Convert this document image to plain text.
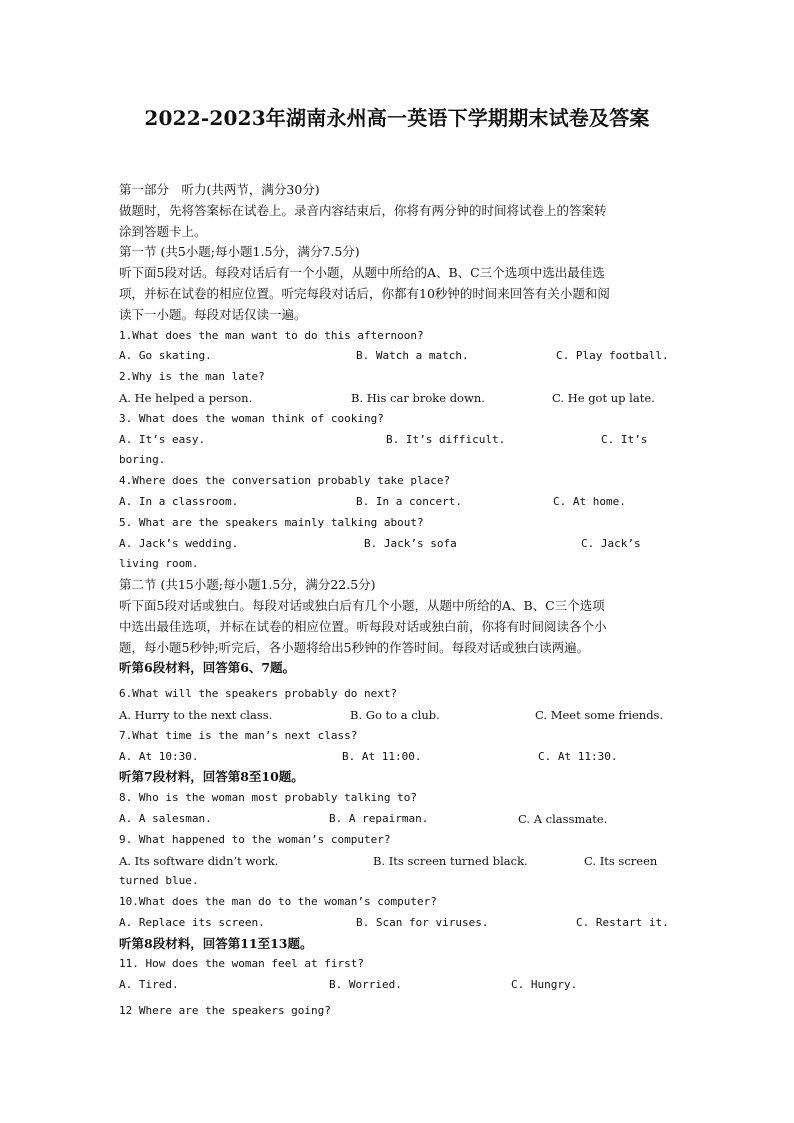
2022-2023年湖南永州高一英语下学期期末试卷及答案

第一部分　听力(共两节，满分30分)

做题时，先将答案标在试卷上。录音内容结束后，你将有两分钟的时间将试卷上的答案转

涂到答题卡上。

第一节 (共5小题;每小题1.5分，满分7.5分)

听下面5段对话。每段对话后有一个小题，从题中所给的A、B、C三个选项中选出最佳选

项，并标在试卷的相应位置。听完每段对话后，你都有10秒钟的时间来回答有关小题和阅

读下一小题。每段对话仅读一遍。

1.What does the man want to do this afternoon?

A. Go skating.	B. Watch a match.	C. Play football.

2.Why is the man late?

A. He helped a person.	B. His car broke down.	C. He got up late.

3. What does the woman think of cooking?

A. It’s easy.	B. It’s difficult.	C. It’s

boring.

4.Where does the conversation probably take place?

A. In a classroom.	B. In a concert.	C. At home.

5. What are the speakers mainly talking about?

A. Jack’s wedding.	B. Jack’s sofa	C. Jack’s

living room.

第二节 (共15小题;每小题1.5分，满分22.5分)

听下面5段对话或独白。每段对话或独白后有几个小题，从题中所给的A、B、C三个选项

中选出最佳选项，并标在试卷的相应位置。听每段对话或独白前，你将有时间阅读各个小

题，每小题5秒钟;听完后，各小题将给出5秒钟的作答时间。每段对话或独白读两遍。

听第6段材料，回答第6、7题。

6.What will the speakers probably do next?

A. Hurry to the next class.	B. Go to a club.	C. Meet some friends.

7.What time is the man’s next class?

A. At 10:30.	B. At 11:00.	C. At 11:30.

听第7段材料，回答第8至10题。

8. Who is the woman most probably talking to?

A. A salesman.	B. A repairman.	C. A classmate.

9. What happened to the woman’s computer?

A. Its software didn’t work.	B. Its screen turned black.	C. Its screen

turned blue.

10.What does the man do to the woman’s computer?

A. Replace its screen.	B. Scan for viruses.	C. Restart it.

听第8段材料，回答第11至13题。

11. How does the woman feel at first?

A. Tired.	B. Worried.	C. Hungry.

12 Where are the speakers going?
